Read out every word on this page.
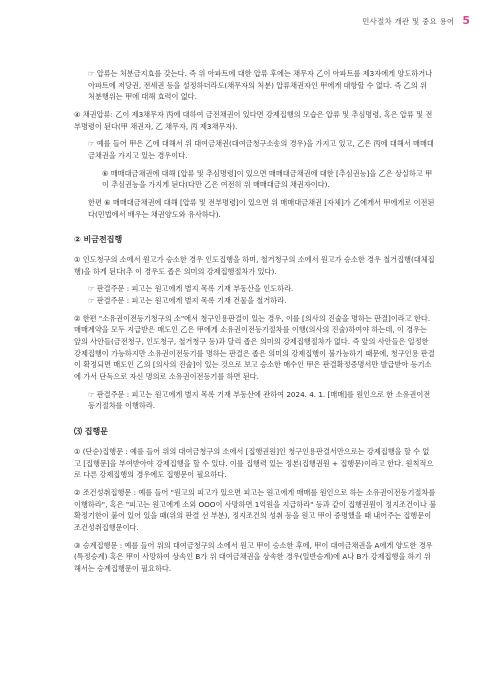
민사절차 개관 및 중요 용어 5

☞ 압류는 처분금지효를 갖는다. 즉 위 아파트에 대한 압류 후에는 채무자 乙이 아파트를 제3자에게 양도하거나 아파트에 저당권, 전세권 등을 설정하더라도(채무자의 처분) 압류채권자인 甲에게 대항할 수 없다. 즉 乙의 위 처분행위는 甲에 대해 효력이 없다.

④ 채권압류: 乙이 제3채무자 丙에 대하여 금전채권이 있다면 강제집행의 모습은 압류 및 추심명령, 혹은 압류 및 전부명령이 된다(甲 채권자, 乙 채무자, 丙 제3채무자).

☞ 예를 들어 甲은 乙에 대해서 위 대여금채권(대여금청구소송의 경우)을 가지고 있고, 乙은 丙에 대해서 매매대금채권을 가지고 있는 경우이다.

⑥ 매매대금채권에 대해 [압류 및 추심명령]이 있으면 매매대금채권에 대한 [추심권능]을 乙은 상실하고 甲이 추심권능을 가지게 된다(다만 乙은 여전히 위 매매대금의 채권자이다).

한편 ⑥ 매매대금채권에 대해 [압류 및 전부명령]이 있으면 위 매매대금채권 [자체]가 乙에게서 甲에게로 이전된다(민법에서 배우는 채권양도와 유사하다).

② 비금전집행

① 인도청구의 소에서 원고가 승소한 경우 인도집행을 하며, 철거청구의 소에서 원고가 승소한 경우 철거집행(대체집행)을 하게 된다(추 이 경우도 좁은 의미의 강제집행절차가 있다).

☞ 판결주문 : 피고는 원고에게 별지 목록 기재 부동산을 인도하라.

☞ 판결주문 : 피고는 원고에게 별지 목록 기재 건물을 철거하라.

② 한편 "소유권이전등기청구의 소"에서 청구인용판결이 있는 경우, 이를 [의사의 진술을 명하는 판결]이라고 한다. 매매계약을 모두 지급받은 매도인 乙은 甲에게 소유권이전등기절차를 이행(의사의 진술)하여야 하는데, 이 경우는 앞의 사안들(금전청구, 인도청구, 철거청구 등)과 달리 좁은 의미의 강제집행절차가 없다. 즉 앞의 사안들은 일정한 강제집행이 가능하지만 소유권이전등기를 명하는 판결은 좁은 의미의 강제집행이 불가능하기 때문에, 청구인용 판결이 확정되면 매도인 乙의 [의사의 진술]이 있는 것으로 보고 승소한 매수인 甲은 판결확정증명서만 발급받아 등기소에 가서 단독으로 자신 명의로 소유권이전등기를 하면 된다.

☞ 판결주문 : 피고는 원고에게 별지 목록 기재 부동산에 관하여 2024. 4. 1. [매매]를 원인으로 한 소유권이전등기절차를 이행하라.

⑶ 집행문

① (단순)집행문 : 예를 들어 위의 대여금청구의 소에서 [집행권원]인 청구인용판결서만으로는 강제집행을 할 수 없고 [집행문]을 부여받아야 강제집행을 할 수 있다. 이를 집행력 있는 정본(집행권원 + 집행문)이라고 한다. 원칙적으로 다른 강제집행의 경우에도 집행문이 필요하다.

② 조건성취집행문 : 예를 들어 "원고의 피고가 있으면 피고는 원고에게 매매를 원인으로 하는 소유권이전등기절차를 이행하라", 혹은 "피고는 원고에게 소외 OOO이 사망하면 1억원을 지급하라" 등과 같이 집행권원이 정지조건이나 불확정기한이 붙어 있어 있을 때(위의 판결 선 부분), 정지조건의 성취 등을 원고 甲이 증명했을 때 내어주는 집행문이 조건성취집행문이다.

③ 승계집행문 : 예를 들어 위의 대여금청구의 소에서 원고 甲이 승소한 후에, 甲이 대여금채권을 A에게 양도한 경우(특정승계) 혹은 甲이 사망하여 상속인 B가 위 대여금채권을 상속한 경우(일반승계)에 A나 B가 강제집행을 하기 위해서는 승계집행문이 필요하다.
